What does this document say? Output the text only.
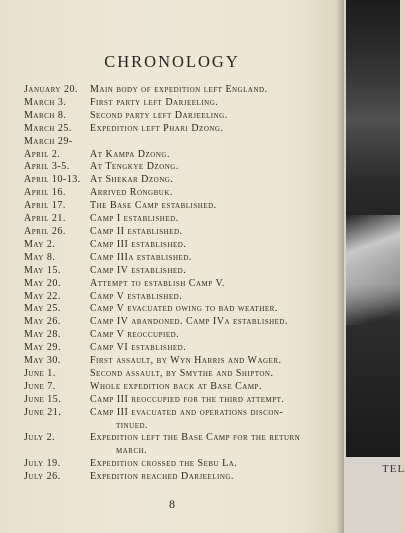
CHRONOLOGY
January 20.	Main body of expedition left England.
March 3.	First party left Darjeeling.
March 8.	Second party left Darjeeling.
March 25.	Expedition left Phari Dzong.
March 29-
April 2.	At Kampa Dzong.
April 3-5.	At Tengkye Dzong.
April 10-13. At Shekar Dzong.
April 16.	Arrived Rongbuk.
April 17.	The Base Camp established.
April 21.	Camp I established.
April 26.	Camp II established.
May 2.	Camp III established.
May 8.	Camp IIIa established.
May 15.	Camp IV established.
May 20.	Attempt to establish Camp V.
May 22.	Camp V established.
May 25.	Camp V evacuated owing to bad weather.
May 26.	Camp IV abandoned. Camp IVa established.
May 28.	Camp V reoccupied.
May 29.	Camp VI established.
May 30.	First assault, by Wyn Harris and Wager.
June 1.	Second assault, by Smythe and Shipton.
June 7.	Whole expedition back at Base Camp.
June 15.	Camp III reoccupied for the third attempt.
June 21.	Camp III evacuated and operations discon-
tinued.
July 2.	Expedition left the Base Camp for the return
march.
July 19.	Expedition crossed the Sebu La.
July 26.	Expedition reached Darjeeling.
8
TEL
